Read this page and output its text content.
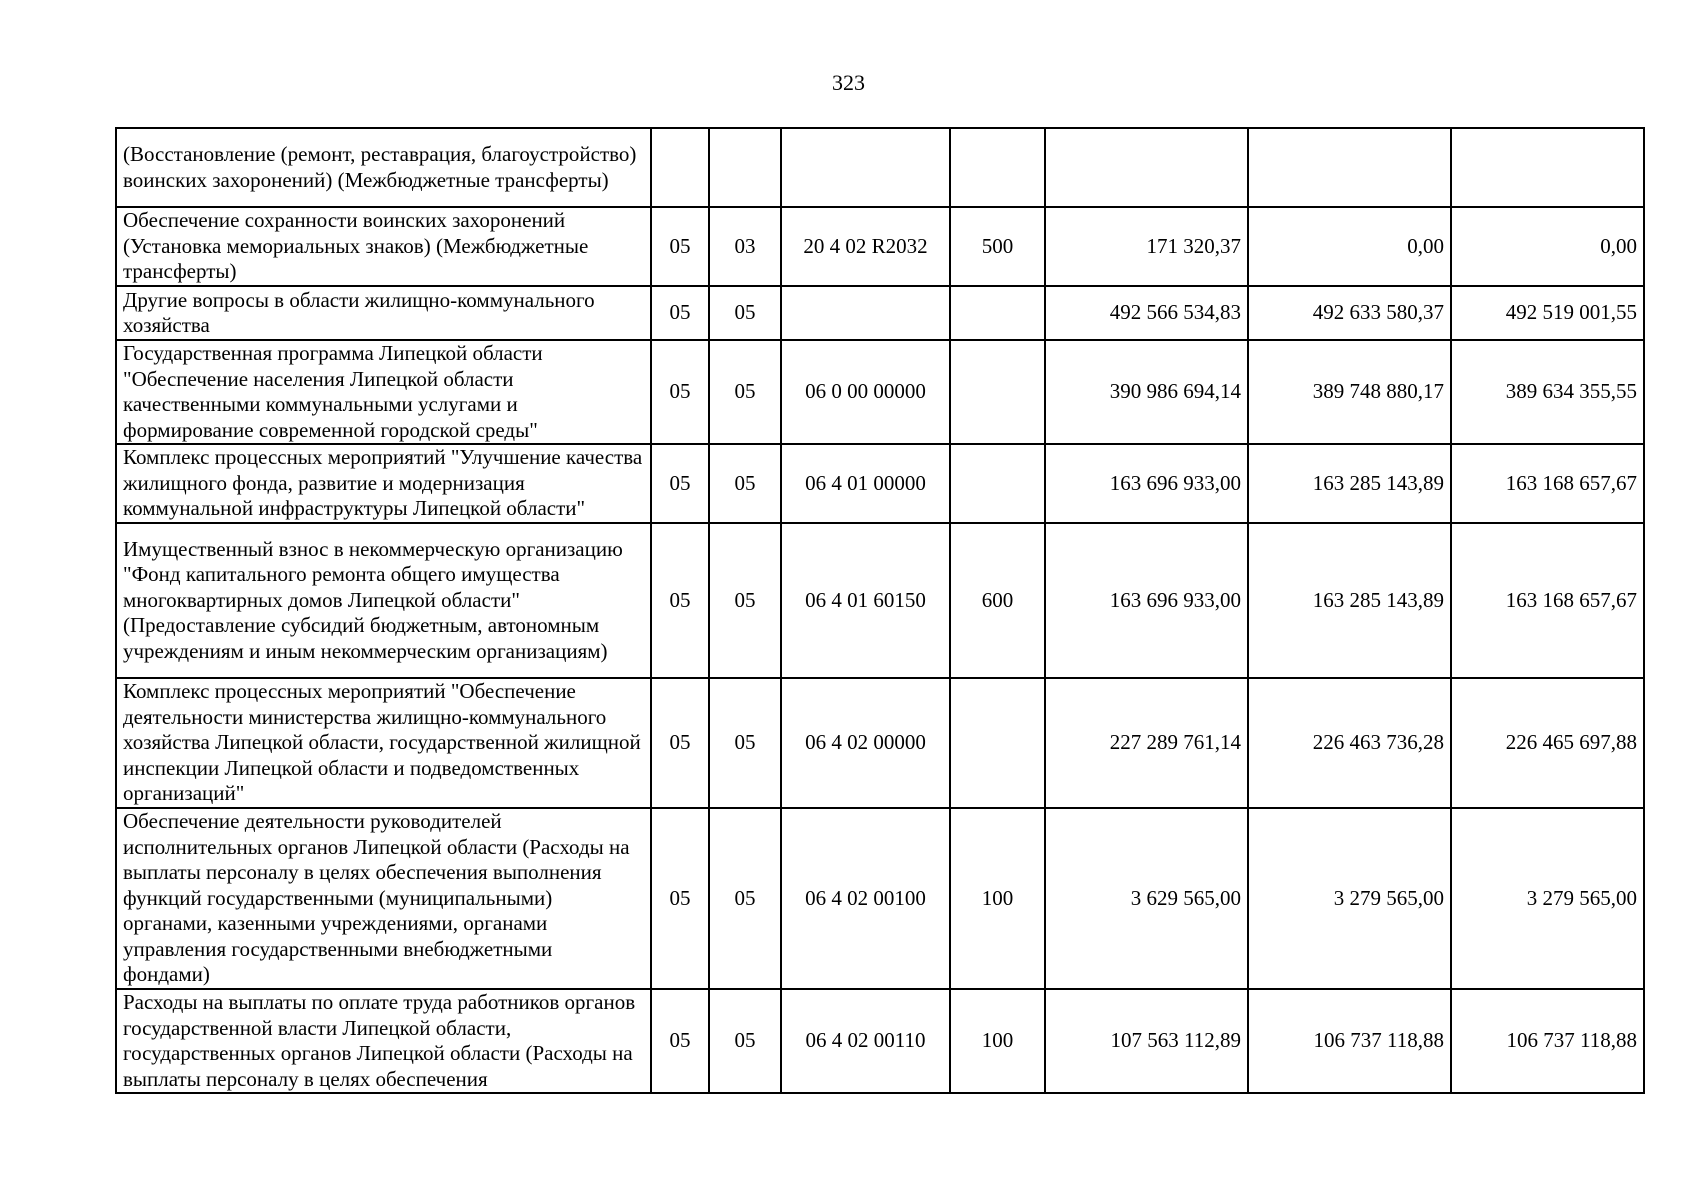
323
(Восстановление (ремонт, реставрация, благоустройство) воинских захоронений) (Межбюджетные трансферты)							
Обеспечение сохранности воинских захоронений (Установка мемориальных знаков) (Межбюджетные трансферты)	05	03	20 4 02 R2032	500	171 320,37	0,00	0,00
Другие вопросы в области жилищно-коммунального хозяйства	05	05			492 566 534,83	492 633 580,37	492 519 001,55
Государственная программа Липецкой области "Обеспечение населения Липецкой области качественными коммунальными услугами и формирование современной городской среды"	05	05	06 0 00 00000		390 986 694,14	389 748 880,17	389 634 355,55
Комплекс процессных мероприятий "Улучшение качества жилищного фонда, развитие и модернизация коммунальной инфраструктуры Липецкой области"	05	05	06 4 01 00000		163 696 933,00	163 285 143,89	163 168 657,67
Имущественный взнос в некоммерческую организацию "Фонд капитального ремонта общего имущества многоквартирных домов Липецкой области" (Предоставление субсидий бюджетным, автономным учреждениям и иным некоммерческим организациям)	05	05	06 4 01 60150	600	163 696 933,00	163 285 143,89	163 168 657,67
Комплекс процессных мероприятий "Обеспечение деятельности министерства жилищно-коммунального хозяйства Липецкой области, государственной жилищной инспекции Липецкой области и подведомственных организаций"	05	05	06 4 02 00000		227 289 761,14	226 463 736,28	226 465 697,88
Обеспечение деятельности руководителей исполнительных органов Липецкой области (Расходы на выплаты персоналу в целях обеспечения выполнения функций государственными (муниципальными) органами, казенными учреждениями, органами управления государственными внебюджетными фондами)	05	05	06 4 02 00100	100	3 629 565,00	3 279 565,00	3 279 565,00
Расходы на выплаты по оплате труда работников органов государственной власти Липецкой области, государственных органов Липецкой области (Расходы на выплаты персоналу в целях обеспечения	05	05	06 4 02 00110	100	107 563 112,89	106 737 118,88	106 737 118,88
